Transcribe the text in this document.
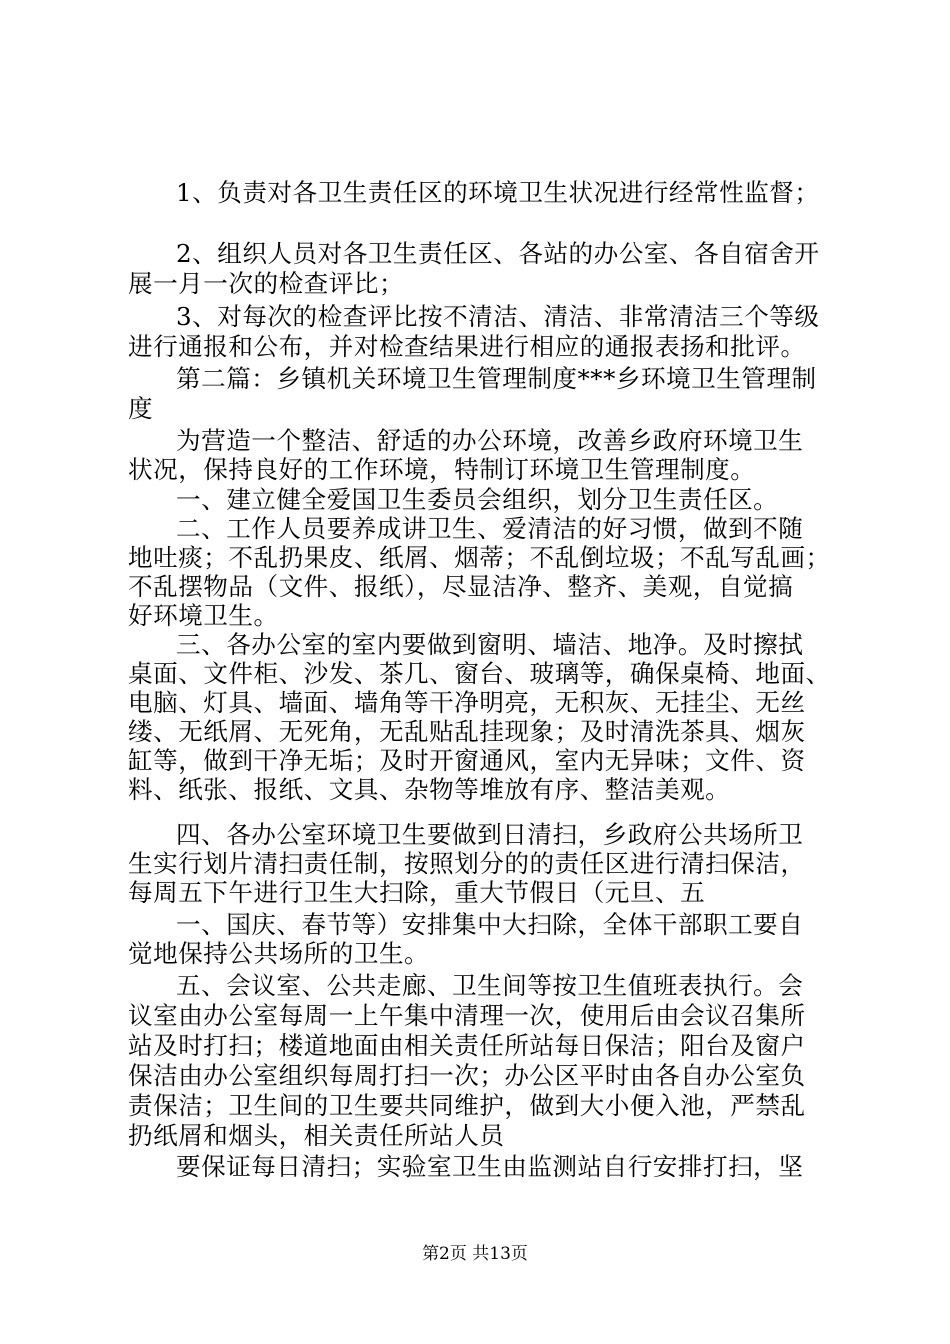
1、负责对各卫生责任区的环境卫生状况进行经常性监督；
2、组织人员对各卫生责任区、各站的办公室、各自宿舍开
展一月一次的检查评比；
3、对每次的检查评比按不清洁、清洁、非常清洁三个等级
进行通报和公布，并对检查结果进行相应的通报表扬和批评。
第二篇：乡镇机关环境卫生管理制度***乡环境卫生管理制
度
为营造一个整洁、舒适的办公环境，改善乡政府环境卫生
状况，保持良好的工作环境，特制订环境卫生管理制度。
一、建立健全爱国卫生委员会组织，划分卫生责任区。
二、工作人员要养成讲卫生、爱清洁的好习惯，做到不随
地吐痰；不乱扔果皮、纸屑、烟蒂；不乱倒垃圾；不乱写乱画；
不乱摆物品（文件、报纸），尽显洁净、整齐、美观，自觉搞
好环境卫生。
三、各办公室的室内要做到窗明、墙洁、地净。及时擦拭
桌面、文件柜、沙发、茶几、窗台、玻璃等，确保桌椅、地面、
电脑、灯具、墙面、墙角等干净明亮，无积灰、无挂尘、无丝
缕、无纸屑、无死角，无乱贴乱挂现象；及时清洗茶具、烟灰
缸等，做到干净无垢；及时开窗通风，室内无异味；文件、资
料、纸张、报纸、文具、杂物等堆放有序、整洁美观。
四、各办公室环境卫生要做到日清扫，乡政府公共场所卫
生实行划片清扫责任制，按照划分的的责任区进行清扫保洁，
每周五下午进行卫生大扫除，重大节假日（元旦、五
一、国庆、春节等）安排集中大扫除，全体干部职工要自
觉地保持公共场所的卫生。
五、会议室、公共走廊、卫生间等按卫生值班表执行。会
议室由办公室每周一上午集中清理一次，使用后由会议召集所
站及时打扫；楼道地面由相关责任所站每日保洁；阳台及窗户
保洁由办公室组织每周打扫一次；办公区平时由各自办公室负
责保洁；卫生间的卫生要共同维护，做到大小便入池，严禁乱
扔纸屑和烟头，相关责任所站人员
要保证每日清扫；实验室卫生由监测站自行安排打扫，坚
第2页 共13页
